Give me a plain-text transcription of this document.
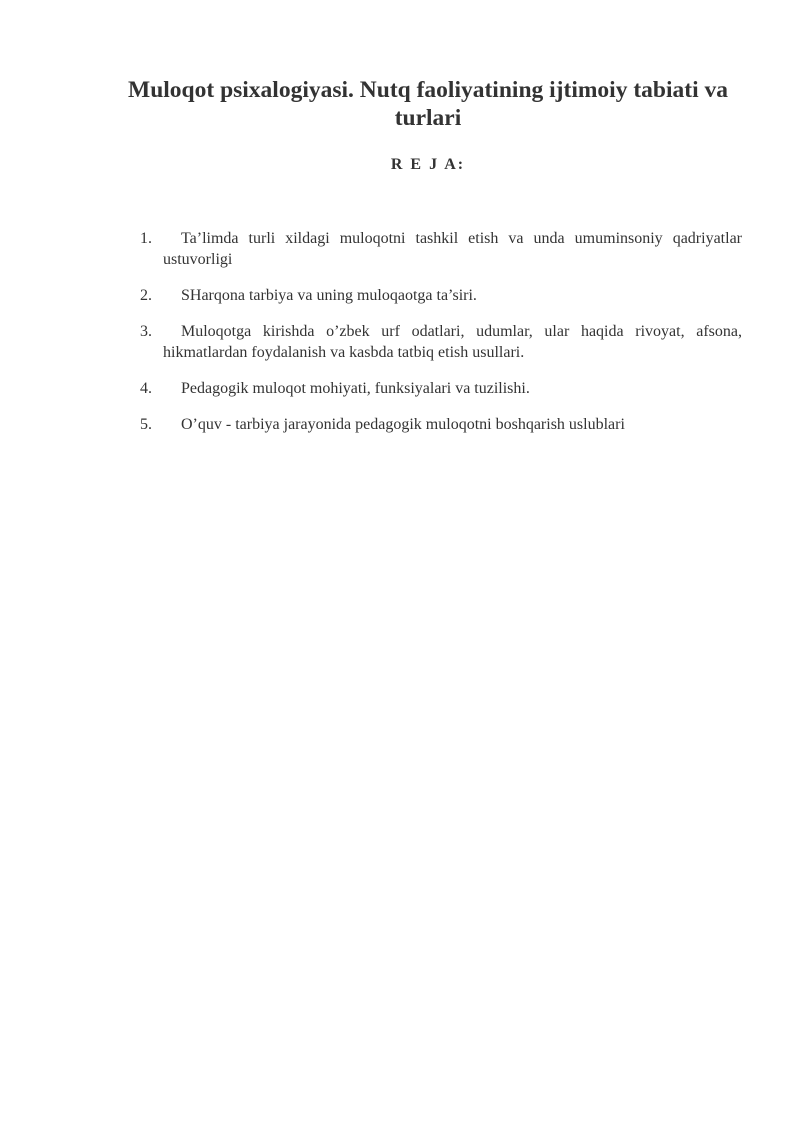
Muloqot psixalogiyasi. Nutq faoliyatining ijtimoiy tabiati va turlari
R E J A:
1.	Ta’limda turli xildagi muloqotni tashkil etish va unda umuminsoniy qadriyatlar ustuvorligi
2.	SHarqona tarbiya va uning muloqaotga ta’siri.
3.	Muloqotga kirishda o’zbek urf odatlari, udumlar, ular haqida rivoyat, afsona, hikmatlardan foydalanish va kasbda tatbiq etish usullari.
4.	Pedagogik muloqot mohiyati, funksiyalari va tuzilishi.
5.	O’quv - tarbiya jarayonida pedagogik muloqotni boshqarish uslublari
